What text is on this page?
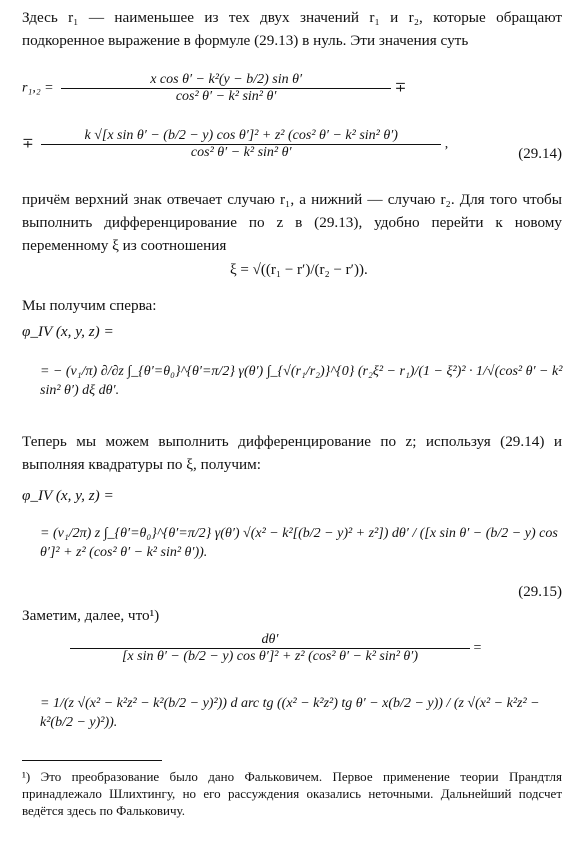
Здесь r₁ — наименьшее из тех двух значений r₁ и r₂, которые обращают подкоренное выражение в формуле (29.13) в нуль. Эти значения суть
$r_1,_2 = \frac{\text{x cos θ′ − k²(y − b/2) sin θ′}}{\text{cos² θ′ − k² sin² θ′}}$ ∓
∓
k √[x sin θ′ − (b/2 − y) cos θ′]² + z² (cos² θ′ − k² sin² θ′)
cos² θ′ − k² sin² θ′
,
(29.14)
причём верхний знак отвечает случаю r₁, а нижний — случаю r₂. Для того чтобы выполнить дифференцирование по z в (29.13), удобно перейти к новому переменному ξ из соотношения
ξ = √((r₁ − r′)/(r₂ − r′)).
Мы получим сперва:
φ_IV (x, y, z) =
= − (v₁/π) ∂/∂z ∫_{θ′=θ₀}^{θ′=π/2} γ(θ′) ∫_{√(r₁/r₂)}^{0} (r₂ξ² − r₁)/(1 − ξ²)² · 1/√(cos² θ′ − k² sin² θ′) dξ dθ′.
Теперь мы можем выполнить дифференцирование по z; используя (29.14) и выполняя квадратуры по ξ, получим:
φ_IV (x, y, z) =
= (v₁/2π) z ∫_{θ′=θ₀}^{θ′=π/2} γ(θ′) √(x² − k²[(b/2 − y)² + z²]) dθ′ / ([x sin θ′ − (b/2 − y) cos θ′]² + z² (cos² θ′ − k² sin² θ′)).
(29.15)
Заметим, далее, что¹)
$\frac{d\theta'}{\text{[x sin θ′ − (b/2 − y) cos θ′]² + z² (cos² θ′ − k² sin² θ′)}}$ =
= 1/(z √(x² − k²z² − k²(b/2 − y)²)) d arc tg ((x² − k²z²) tg θ′ − x(b/2 − y)) / (z √(x² − k²z² − k²(b/2 − y)²)).
¹) Это преобразование было дано Фальковичем. Первое применение теории Прандтля принадлежало Шлихтингу, но его рассуждения оказались неточными. Дальнейший подсчет ведётся здесь по Фальковичу.
